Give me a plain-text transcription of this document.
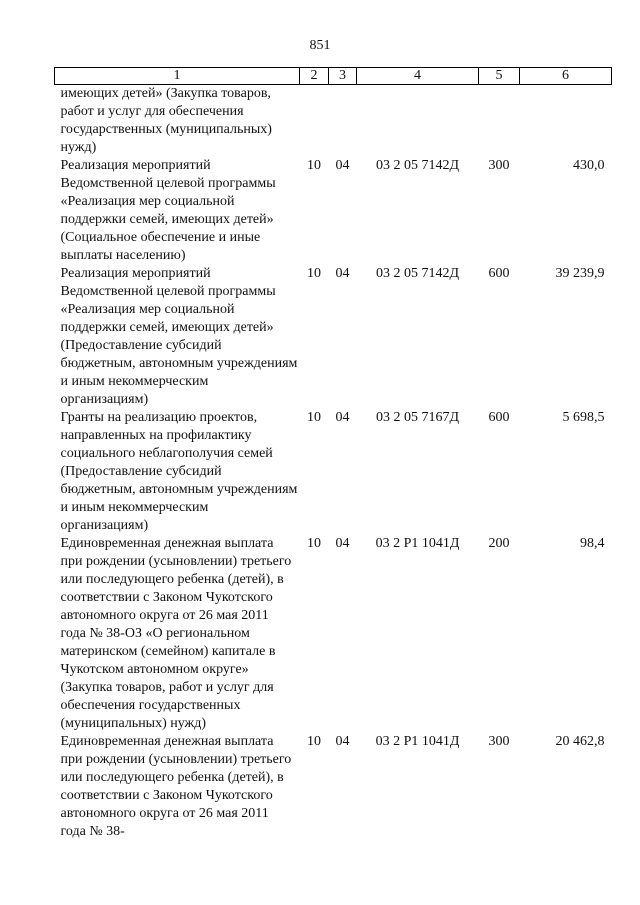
851
1	2	3	4	5	6
имеющих детей» (Закупка товаров, работ и услуг для обеспечения государственных (муниципальных) нужд)					
Реализация мероприятий Ведомственной целевой программы «Реализация мер социальной поддержки семей, имеющих детей» (Социальное обеспечение и иные выплаты населению)	10	04	03 2 05 7142Д	300	430,0
Реализация мероприятий Ведомственной целевой программы «Реализация мер социальной поддержки семей, имеющих детей» (Предоставление субсидий бюджетным, автономным учреждениям и иным некоммерческим организациям)	10	04	03 2 05 7142Д	600	39 239,9
Гранты на реализацию проектов, направленных на профилактику социального неблагополучия семей (Предоставление субсидий бюджетным, автономным учреждениям и иным некоммерческим организациям)	10	04	03 2 05 7167Д	600	5 698,5
Единовременная денежная выплата при рождении (усыновлении) третьего или последующего ребенка (детей), в соответствии с Законом Чукотского автономного округа от 26 мая 2011 года № 38-ОЗ «О региональном материнском (семейном) капитале в Чукотском автономном округе» (Закупка товаров, работ и услуг для обеспечения государственных (муниципальных) нужд)	10	04	03 2 P1 1041Д	200	98,4
Единовременная денежная выплата при рождении (усыновлении) третьего или последующего ребенка (детей), в соответствии с Законом Чукотского автономного округа от 26 мая 2011 года № 38-	10	04	03 2 P1 1041Д	300	20 462,8
